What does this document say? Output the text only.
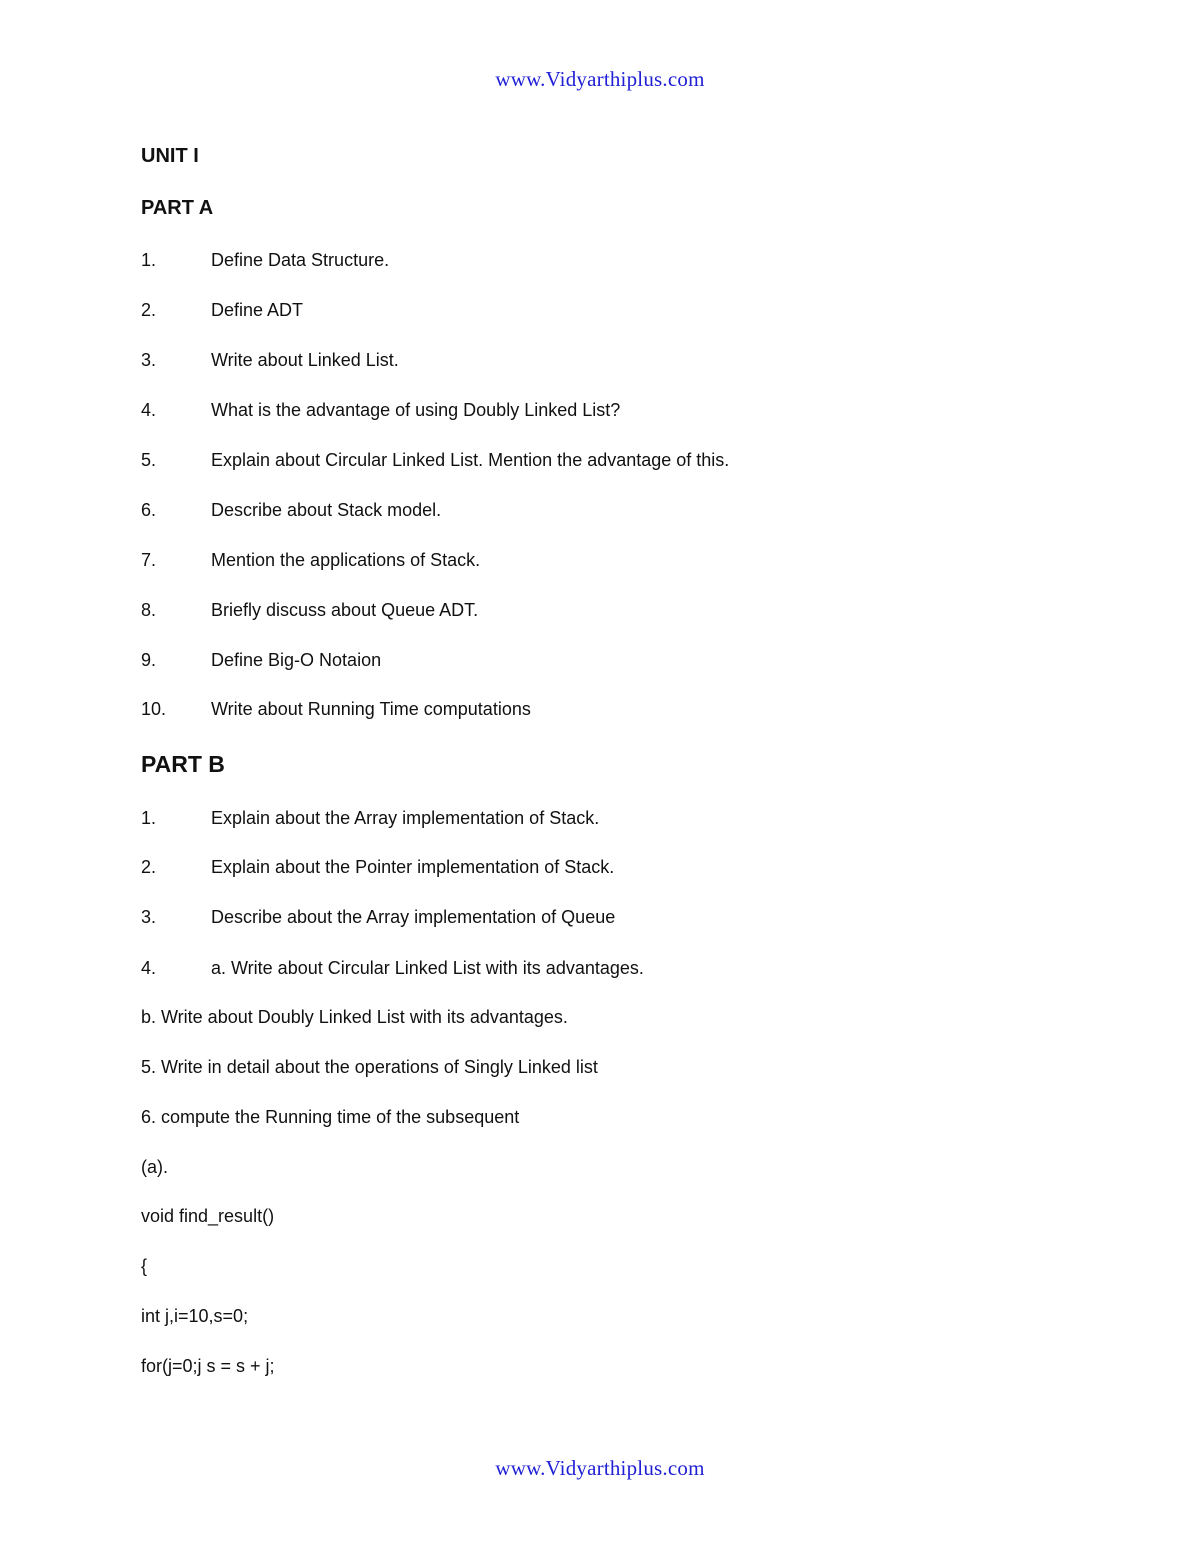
www.Vidyarthiplus.com
UNIT I
PART A
1.	Define Data Structure.
2.	Define ADT
3.	Write about Linked List.
4.	What is the advantage of using Doubly Linked List?
5.	Explain about Circular Linked List. Mention the advantage of this.
6.	Describe about Stack model.
7.	Mention the applications of Stack.
8.	Briefly discuss about Queue ADT.
9.	Define Big-O Notaion
10. Write about Running Time computations
PART B
1.	Explain about the Array implementation of Stack.
2.	Explain about the Pointer implementation of Stack.
3.	Describe about the Array implementation of Queue
4.	a. Write about Circular Linked List with its advantages.
b. Write about Doubly Linked List with its advantages.
5. Write in detail about the operations of Singly Linked list
6. compute the Running time of the subsequent
(a).
void find_result()
{
int j,i=10,s=0;
for(j=0;j s = s + j;
www.Vidyarthiplus.com
